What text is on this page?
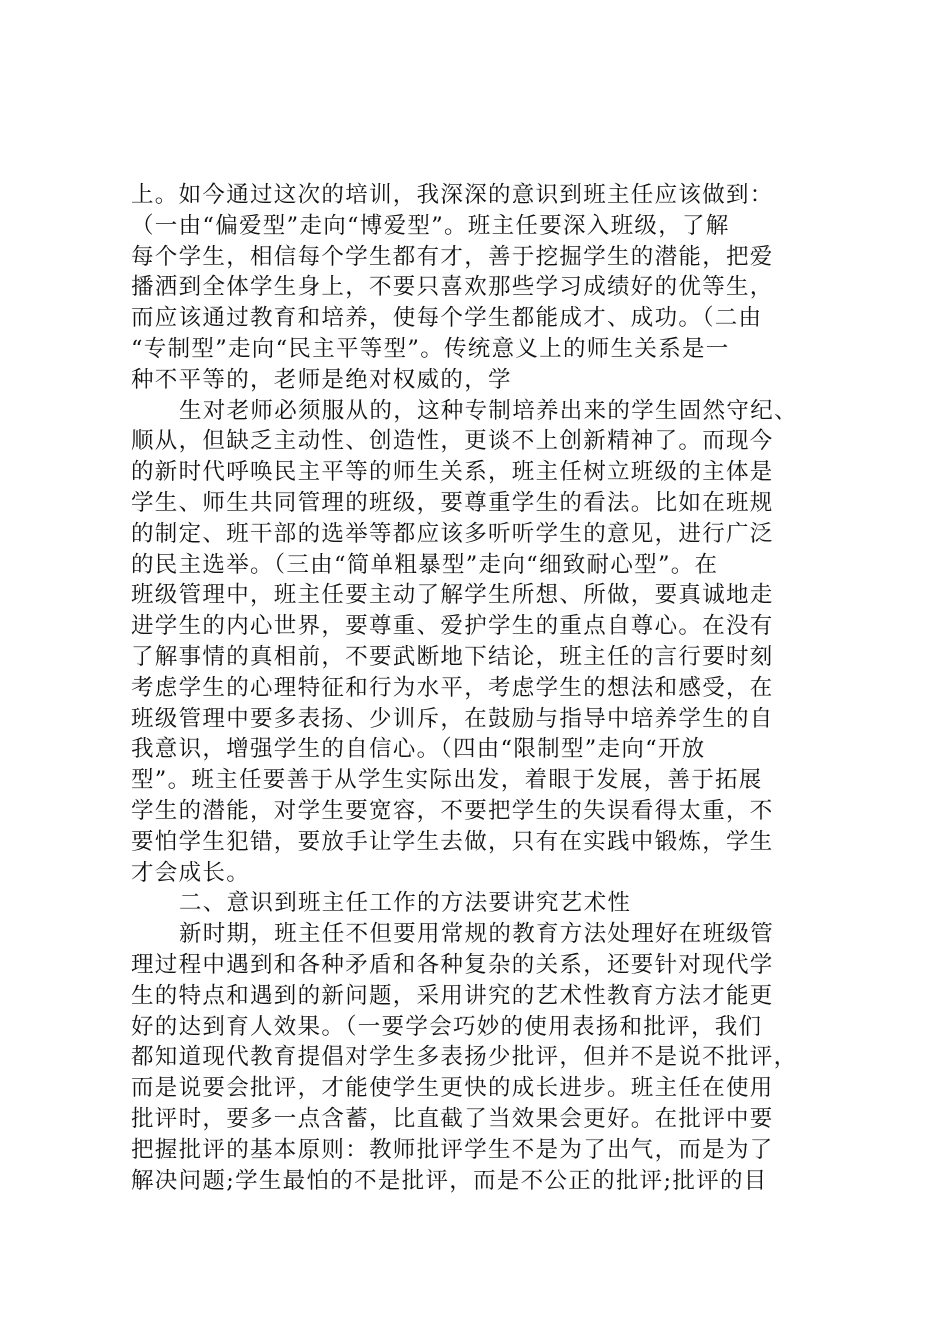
上。如今通过这次的培训，我深深的意识到班主任应该做到：
（一由“偏爱型”走向“博爱型”。班主任要深入班级，了解
每个学生，相信每个学生都有才，善于挖掘学生的潜能，把爱
播洒到全体学生身上，不要只喜欢那些学习成绩好的优等生，
而应该通过教育和培养，使每个学生都能成才、成功。（二由
“专制型”走向“民主平等型”。传统意义上的师生关系是一
种不平等的，老师是绝对权威的，学
生对老师必须服从的，这种专制培养出来的学生固然守纪、
顺从，但缺乏主动性、创造性，更谈不上创新精神了。而现今
的新时代呼唤民主平等的师生关系，班主任树立班级的主体是
学生、师生共同管理的班级，要尊重学生的看法。比如在班规
的制定、班干部的选举等都应该多听听学生的意见，进行广泛
的民主选举。（三由“简单粗暴型”走向“细致耐心型”。在
班级管理中，班主任要主动了解学生所想、所做，要真诚地走
进学生的内心世界，要尊重、爱护学生的重点自尊心。在没有
了解事情的真相前，不要武断地下结论，班主任的言行要时刻
考虑学生的心理特征和行为水平，考虑学生的想法和感受，在
班级管理中要多表扬、少训斥，在鼓励与指导中培养学生的自
我意识，增强学生的自信心。（四由“限制型”走向“开放
型”。班主任要善于从学生实际出发，着眼于发展，善于拓展
学生的潜能，对学生要宽容，不要把学生的失误看得太重，不
要怕学生犯错，要放手让学生去做，只有在实践中锻炼，学生
才会成长。
二、意识到班主任工作的方法要讲究艺术性
新时期，班主任不但要用常规的教育方法处理好在班级管
理过程中遇到和各种矛盾和各种复杂的关系，还要针对现代学
生的特点和遇到的新问题，采用讲究的艺术性教育方法才能更
好的达到育人效果。（一要学会巧妙的使用表扬和批评，我们
都知道现代教育提倡对学生多表扬少批评，但并不是说不批评，
而是说要会批评，才能使学生更快的成长进步。班主任在使用
批评时，要多一点含蓄，比直截了当效果会更好。在批评中要
把握批评的基本原则：教师批评学生不是为了出气，而是为了
解决问题;学生最怕的不是批评，而是不公正的批评;批评的目
